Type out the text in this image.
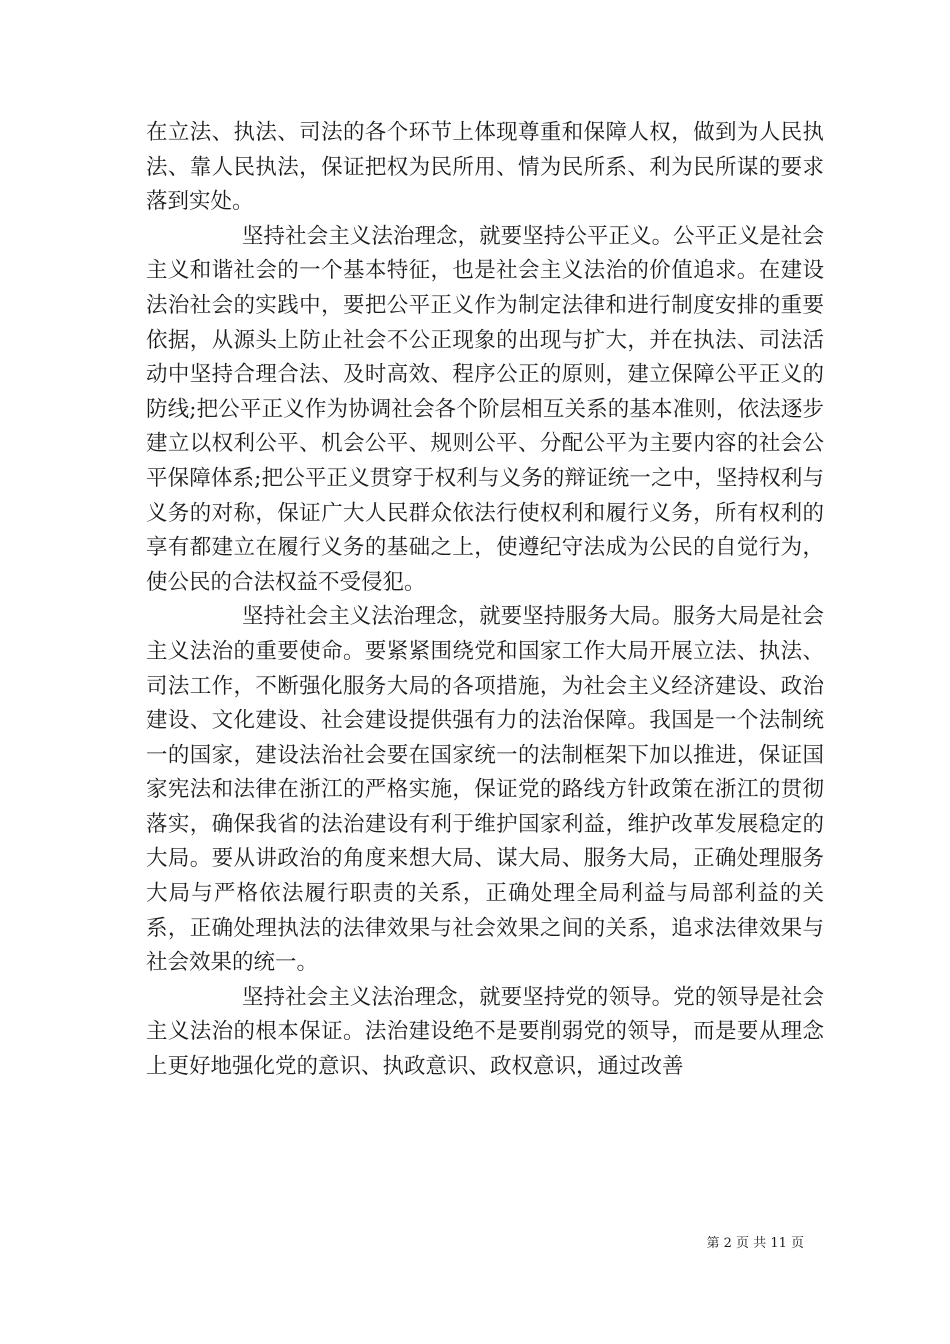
在立法、执法、司法的各个环节上体现尊重和保障人权，做到为人民执法、靠人民执法，保证把权为民所用、情为民所系、利为民所谋的要求落到实处。

坚持社会主义法治理念，就要坚持公平正义。公平正义是社会主义和谐社会的一个基本特征，也是社会主义法治的价值追求。在建设法治社会的实践中，要把公平正义作为制定法律和进行制度安排的重要依据，从源头上防止社会不公正现象的出现与扩大，并在执法、司法活动中坚持合理合法、及时高效、程序公正的原则，建立保障公平正义的防线;把公平正义作为协调社会各个阶层相互关系的基本准则，依法逐步建立以权利公平、机会公平、规则公平、分配公平为主要内容的社会公平保障体系;把公平正义贯穿于权利与义务的辩证统一之中，坚持权利与义务的对称，保证广大人民群众依法行使权利和履行义务，所有权利的享有都建立在履行义务的基础之上，使遵纪守法成为公民的自觉行为，使公民的合法权益不受侵犯。

坚持社会主义法治理念，就要坚持服务大局。服务大局是社会主义法治的重要使命。要紧紧围绕党和国家工作大局开展立法、执法、司法工作，不断强化服务大局的各项措施，为社会主义经济建设、政治建设、文化建设、社会建设提供强有力的法治保障。我国是一个法制统一的国家，建设法治社会要在国家统一的法制框架下加以推进，保证国家宪法和法律在浙江的严格实施，保证党的路线方针政策在浙江的贯彻落实，确保我省的法治建设有利于维护国家利益，维护改革发展稳定的大局。要从讲政治的角度来想大局、谋大局、服务大局，正确处理服务大局与严格依法履行职责的关系，正确处理全局利益与局部利益的关系，正确处理执法的法律效果与社会效果之间的关系，追求法律效果与社会效果的统一。

坚持社会主义法治理念，就要坚持党的领导。党的领导是社会主义法治的根本保证。法治建设绝不是要削弱党的领导，而是要从理念上更好地强化党的意识、执政意识、政权意识，通过改善

第 2 页 共 11 页
